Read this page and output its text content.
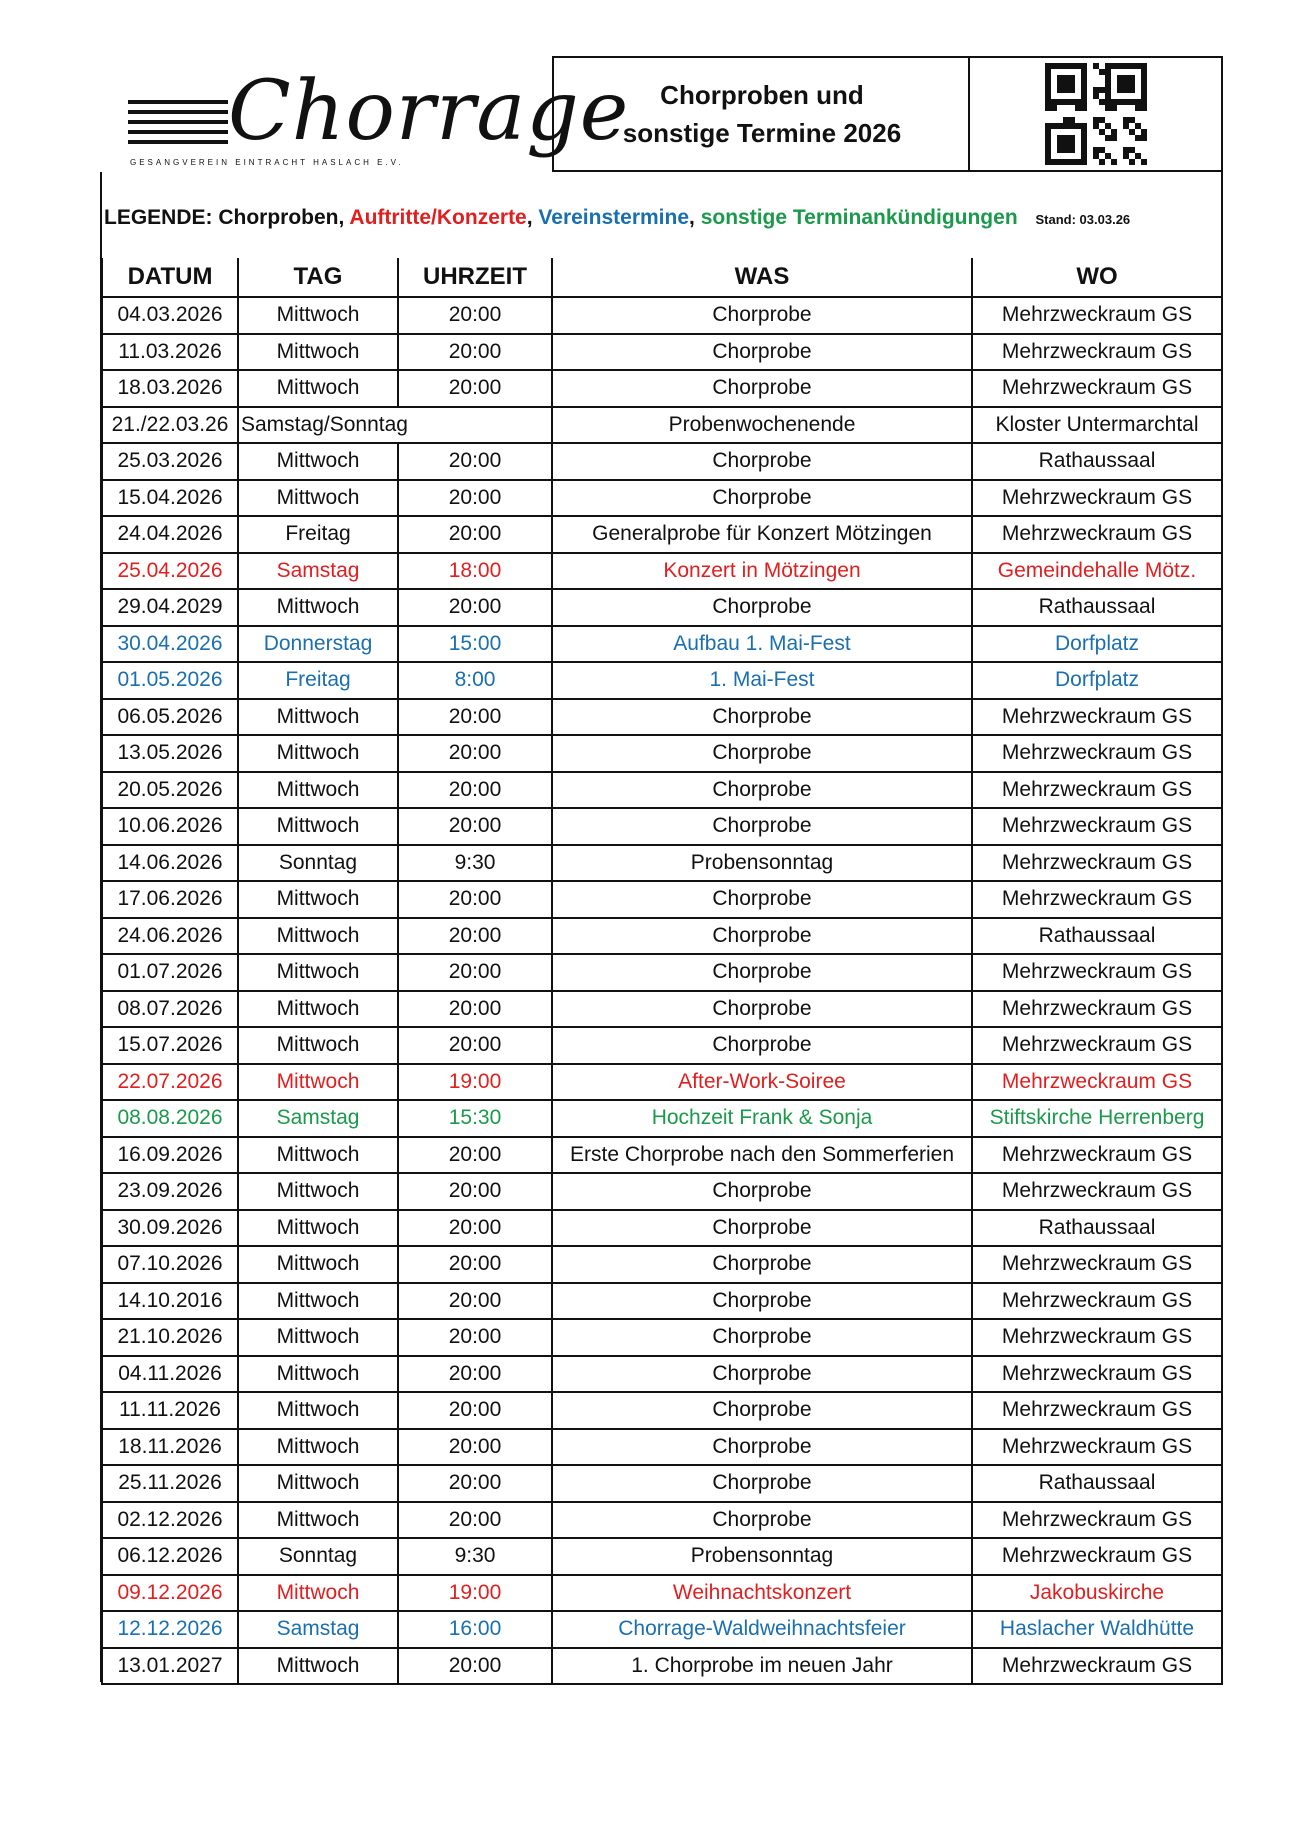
Chorrage
GESANGVEREIN EINTRACHT HASLACH E.V.
Chorproben und
sonstige Termine 2026
LEGENDE: Chorproben, Auftritte/Konzerte, Vereinstermine, sonstige Terminankündigungen Stand: 03.03.26
DATUM	TAG	UHRZEIT	WAS	WO
04.03.2026	Mittwoch	20:00	Chorprobe	Mehrzweckraum GS
11.03.2026	Mittwoch	20:00	Chorprobe	Mehrzweckraum GS
18.03.2026	Mittwoch	20:00	Chorprobe	Mehrzweckraum GS
21./22.03.26	Samstag/Sonntag		Probenwochenende	Kloster Untermarchtal
25.03.2026	Mittwoch	20:00	Chorprobe	Rathaussaal
15.04.2026	Mittwoch	20:00	Chorprobe	Mehrzweckraum GS
24.04.2026	Freitag	20:00	Generalprobe für Konzert Mötzingen	Mehrzweckraum GS
25.04.2026	Samstag	18:00	Konzert in Mötzingen	Gemeindehalle Mötz.
29.04.2029	Mittwoch	20:00	Chorprobe	Rathaussaal
30.04.2026	Donnerstag	15:00	Aufbau 1. Mai-Fest	Dorfplatz
01.05.2026	Freitag	8:00	1. Mai-Fest	Dorfplatz
06.05.2026	Mittwoch	20:00	Chorprobe	Mehrzweckraum GS
13.05.2026	Mittwoch	20:00	Chorprobe	Mehrzweckraum GS
20.05.2026	Mittwoch	20:00	Chorprobe	Mehrzweckraum GS
10.06.2026	Mittwoch	20:00	Chorprobe	Mehrzweckraum GS
14.06.2026	Sonntag	9:30	Probensonntag	Mehrzweckraum GS
17.06.2026	Mittwoch	20:00	Chorprobe	Mehrzweckraum GS
24.06.2026	Mittwoch	20:00	Chorprobe	Rathaussaal
01.07.2026	Mittwoch	20:00	Chorprobe	Mehrzweckraum GS
08.07.2026	Mittwoch	20:00	Chorprobe	Mehrzweckraum GS
15.07.2026	Mittwoch	20:00	Chorprobe	Mehrzweckraum GS
22.07.2026	Mittwoch	19:00	After-Work-Soiree	Mehrzweckraum GS
08.08.2026	Samstag	15:30	Hochzeit Frank & Sonja	Stiftskirche Herrenberg
16.09.2026	Mittwoch	20:00	Erste Chorprobe nach den Sommerferien	Mehrzweckraum GS
23.09.2026	Mittwoch	20:00	Chorprobe	Mehrzweckraum GS
30.09.2026	Mittwoch	20:00	Chorprobe	Rathaussaal
07.10.2026	Mittwoch	20:00	Chorprobe	Mehrzweckraum GS
14.10.2016	Mittwoch	20:00	Chorprobe	Mehrzweckraum GS
21.10.2026	Mittwoch	20:00	Chorprobe	Mehrzweckraum GS
04.11.2026	Mittwoch	20:00	Chorprobe	Mehrzweckraum GS
11.11.2026	Mittwoch	20:00	Chorprobe	Mehrzweckraum GS
18.11.2026	Mittwoch	20:00	Chorprobe	Mehrzweckraum GS
25.11.2026	Mittwoch	20:00	Chorprobe	Rathaussaal
02.12.2026	Mittwoch	20:00	Chorprobe	Mehrzweckraum GS
06.12.2026	Sonntag	9:30	Probensonntag	Mehrzweckraum GS
09.12.2026	Mittwoch	19:00	Weihnachtskonzert	Jakobuskirche
12.12.2026	Samstag	16:00	Chorrage-Waldweihnachtsfeier	Haslacher Waldhütte
13.01.2027	Mittwoch	20:00	1. Chorprobe im neuen Jahr	Mehrzweckraum GS
